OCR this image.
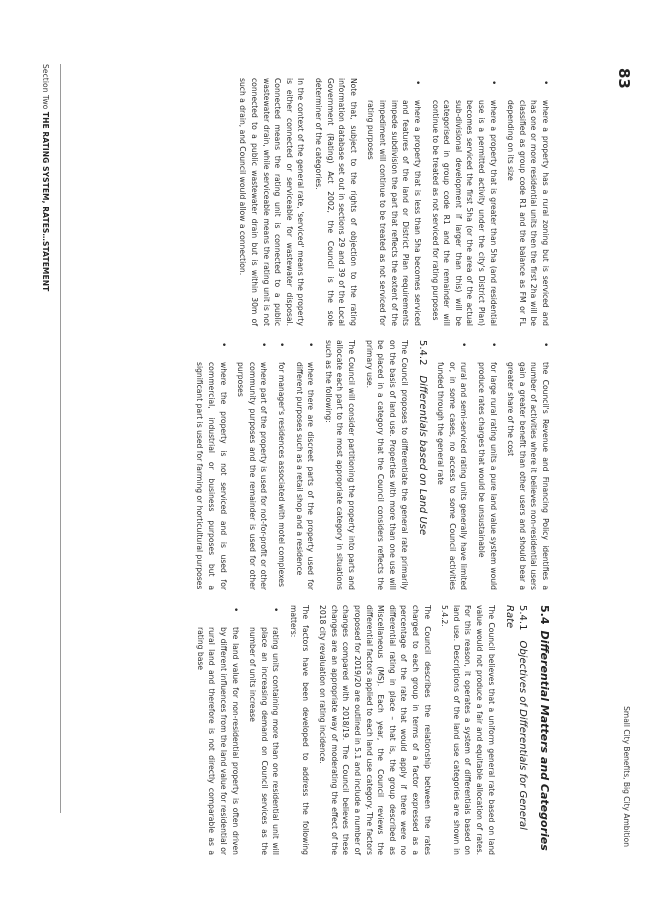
Section Two THE RATING SYSTEM, RATES…STATEMENT
83
Small City Benefits, Big City Ambition
5.4Differential Matters and Categories
5.4.1Objectives of Differentials for General Rate

The Council believes that a uniform general rate based on land value would not produce a fair and equitable allocation of rates. For this reason, it operates a system of differentials based on land use. Descriptions of the land use categories are shown in 5.4.2.

The Council describes the relationship between the rates charged to each group in terms of a factor expressed as a percentage of the rate that would apply if there were no differential rating in place – that is, the group described as Miscellaneous (MS). Each year, the Council reviews the differential factors applied to each land use category. The factors proposed for 2019/20 are outlined in 5.1 and include a number of changes compared with 2018/19. The Council believes these changes are an appropriate way of moderating the effect of the 2018 city revaluation on rating incidence.

The factors have been developed to address the following matters:

• rating units containing more than one residential unit will place an increasing demand on Council services as the number of units increase
• the land value for non-residential property is often driven by different influences from the land value for residential or rural land and therefore is not directly comparable as a rating base
• the Council's Revenue and Financing Policy identifies a number of activities where it believes non-residential users gain a greater benefit than other users and should bear a greater share of the cost
• for large rural rating units a pure land value system would produce rates charges that would be unsustainable
• rural and semi-serviced rating units generally have limited or, in some cases, no access to some Council activities funded through the general rate
5.4.2Differentials based on Land Use

The Council proposes to differentiate the general rate primarily on the basis of land use. Properties with more than one use will be placed in a category that the Council considers reflects the primary use.

The Council will consider partitioning the property into parts and allocate each part to the most appropriate category in situations such as the following:

• where there are discreet parts of the property used for different purposes such as a retail shop and a residence
• for manager's residences associated with motel complexes
• where part of the property is used for not-for-profit or other community purposes and the remainder is used for other purposes
• where the property is not serviced and is used for commercial, industrial or business purposes but a significant part is used for farming or horticultural purposes
• where a property has a rural zoning but is serviced and has one or more residential units then the first 2ha will be classified as group code R1 and the balance as FM or FL depending on its size
• where a property that is greater than 5ha (and residential use is a permitted activity under the city's District Plan) becomes serviced the first 5ha (or the area of the actual sub-divisional development if larger than this) will be categorised in group code R1 and the remainder will continue to be treated as not serviced for rating purposes
• where a property that is less than 5ha becomes serviced and features of the land or District Plan requirements impede subdivision the part that reflects the extent of the impediment will continue to be treated as not serviced for rating purposes

Note that, subject to the rights of objection to the rating information database set out in sections 29 and 39 of the Local Government (Rating) Act 2002, the Council is the sole determiner of the categories.

In the context of the general rate, 'serviced' means the property is either connected or serviceable for wastewater disposal. Connected means the rating unit is connected to a public wastewater drain, while serviceable means the rating unit is not connected to a public wastewater drain but is within 30m of such a drain, and Council would allow a connection.
